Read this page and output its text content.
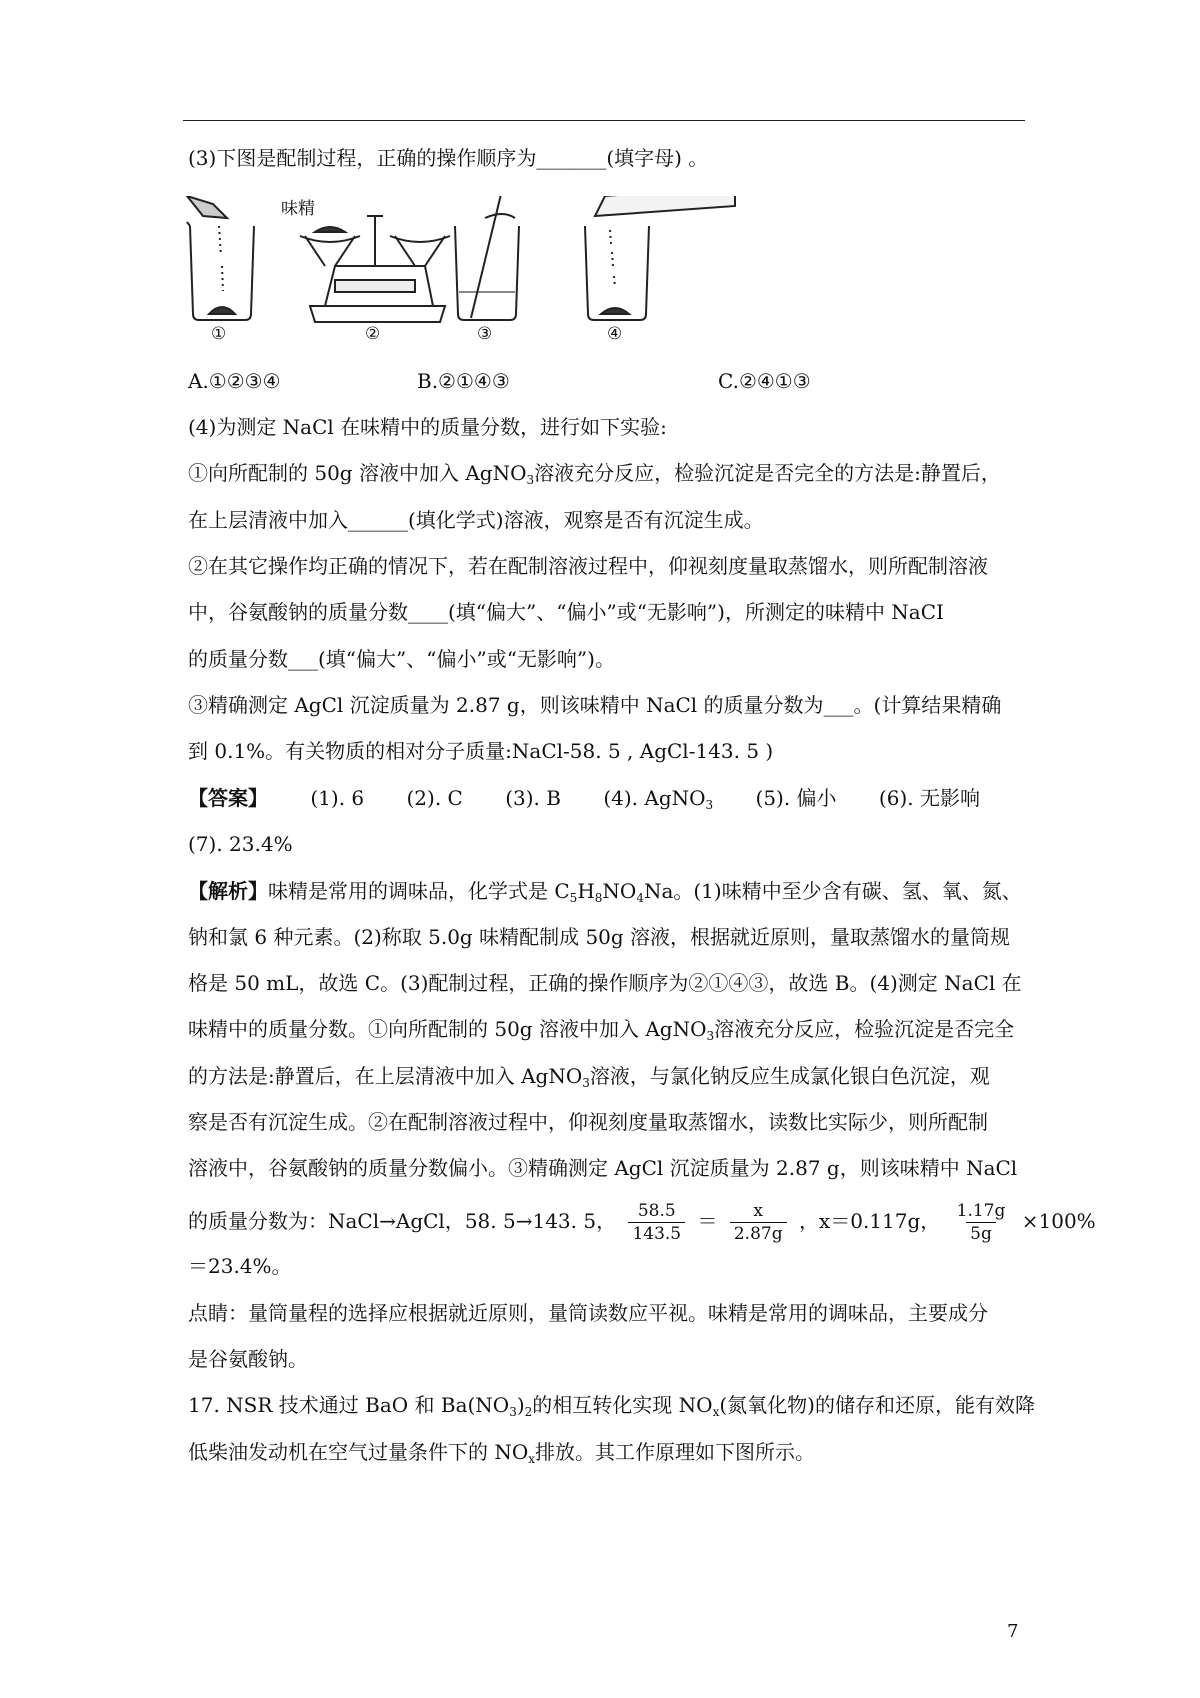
(3)下图是配制过程，正确的操作顺序为_______(填字母) 。
味精
①	②	③	④
A.①②③④	B.②①④③	C.②④①③
(4)为测定 NaCl 在味精中的质量分数，进行如下实验:
①向所配制的 50g 溶液中加入 AgNO$_3$溶液充分反应，检验沉淀是否完全的方法是:静置后，
在上层清液中加入______(填化学式)溶液，观察是否有沉淀生成。
②在其它操作均正确的情况下，若在配制溶液过程中，仰视刻度量取蒸馏水，则所配制溶液
中，谷氨酸钠的质量分数____(填“偏大”、“偏小”或“无影响”)，所测定的味精中 NaCI
的质量分数___(填“偏大”、“偏小”或“无影响”)。
③精确测定 AgCl 沉淀质量为 2.87 g，则该味精中 NaCl 的质量分数为___。(计算结果精确
到 0.1%。有关物质的相对分子质量:NaCl-58. 5 , AgCl-143. 5 )
【答案】 (1). 6 (2). C (3). B (4). AgNO$_3$ (5). 偏小 (6). 无影响
(7). 23.4%
【解析】味精是常用的调味品，化学式是 $C_5H_8NO_4Na$。(1)味精中至少含有碳、氢、氧、氮、
钠和氯 6 种元素。(2)称取 5.0g 味精配制成 50g 溶液，根据就近原则，量取蒸馏水的量筒规
格是 50 mL，故选 C。(3)配制过程，正确的操作顺序为②①④③，故选 B。(4)测定 NaCl 在
味精中的质量分数。①向所配制的 50g 溶液中加入 AgNO$_3$溶液充分反应，检验沉淀是否完全
的方法是:静置后，在上层清液中加入 AgNO$_3$溶液，与氯化钠反应生成氯化银白色沉淀，观
察是否有沉淀生成。②在配制溶液过程中，仰视刻度量取蒸馏水，读数比实际少，则所配制
溶液中，谷氨酸钠的质量分数偏小。③精确测定 AgCl 沉淀质量为 2.87 g，则该味精中 NaCl
的质量分数为：NaCl→AgCl，58. 5→143. 5， $\frac{58.5}{143.5} = \frac{x}{2.87g}$ ，x＝0.117g， $\frac{1.17g}{5g} \times 100\%$
＝23.4%。
点睛：量筒量程的选择应根据就近原则，量筒读数应平视。味精是常用的调味品，主要成分
是谷氨酸钠。
17. NSR 技术通过 BaO 和 $Ba(NO_3)_2$的相互转化实现 $NO_x$(氮氧化物)的储存和还原，能有效降
低柴油发动机在空气过量条件下的 $NO_x$排放。其工作原理如下图所示。
7
